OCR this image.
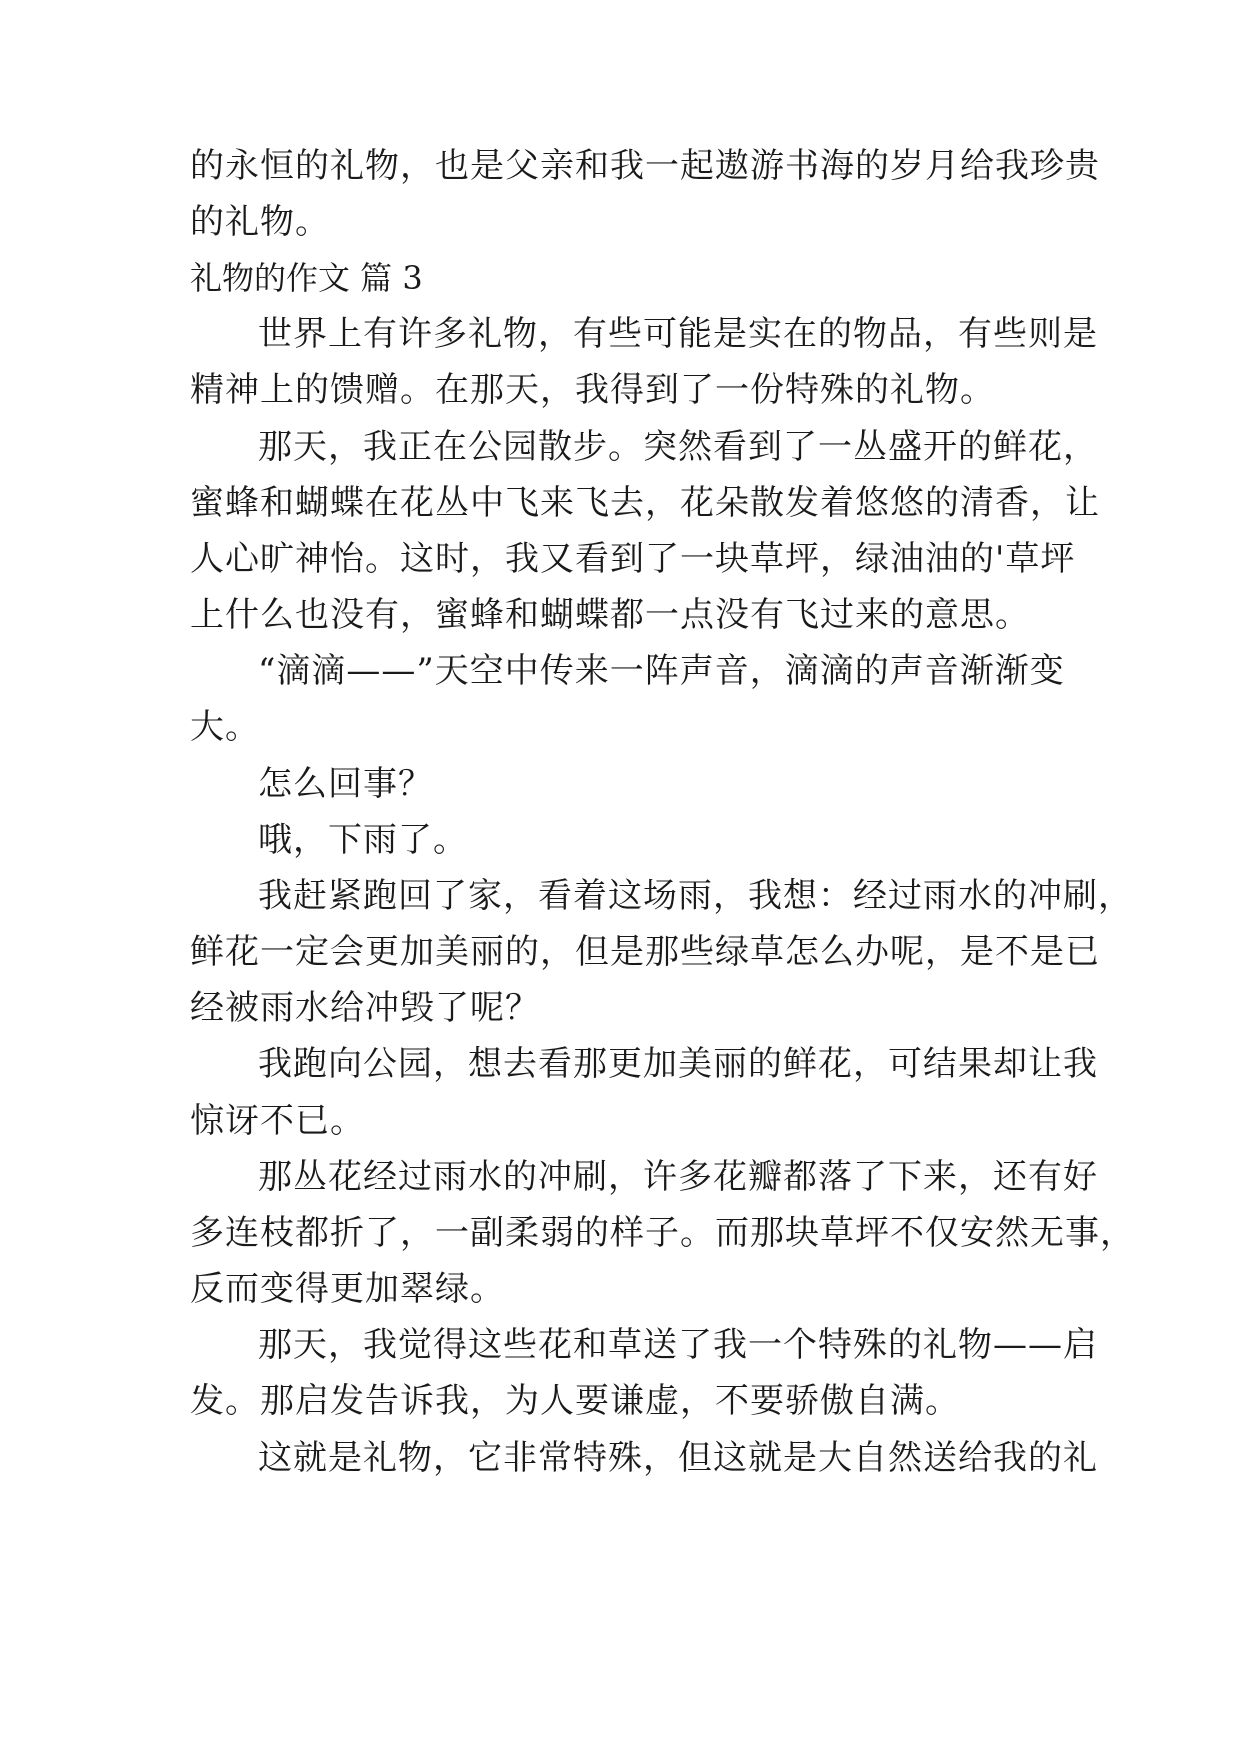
的永恒的礼物，也是父亲和我一起遨游书海的岁月给我珍贵
的礼物。
礼物的作文 篇 3
世界上有许多礼物，有些可能是实在的物品，有些则是
精神上的馈赠。在那天，我得到了一份特殊的礼物。
那天，我正在公园散步。突然看到了一丛盛开的鲜花，
蜜蜂和蝴蝶在花丛中飞来飞去，花朵散发着悠悠的清香，让
人心旷神怡。这时，我又看到了一块草坪，绿油油的'草坪
上什么也没有，蜜蜂和蝴蝶都一点没有飞过来的意思。
“滴滴——”天空中传来一阵声音，滴滴的声音渐渐变
大。
怎么回事？
哦，下雨了。
我赶紧跑回了家，看着这场雨，我想：经过雨水的冲刷，
鲜花一定会更加美丽的，但是那些绿草怎么办呢，是不是已
经被雨水给冲毁了呢？
我跑向公园，想去看那更加美丽的鲜花，可结果却让我
惊讶不已。
那丛花经过雨水的冲刷，许多花瓣都落了下来，还有好
多连枝都折了，一副柔弱的样子。而那块草坪不仅安然无事，
反而变得更加翠绿。
那天，我觉得这些花和草送了我一个特殊的礼物——启
发。那启发告诉我，为人要谦虚，不要骄傲自满。
这就是礼物，它非常特殊，但这就是大自然送给我的礼
